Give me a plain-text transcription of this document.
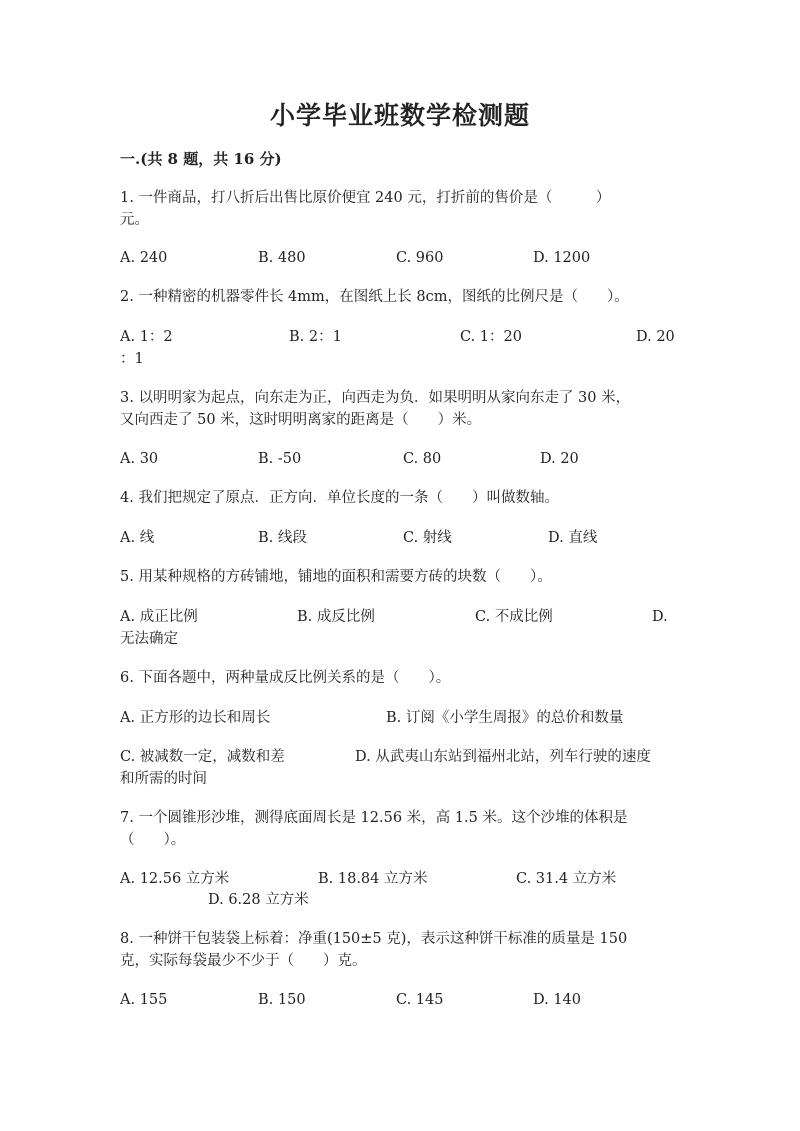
小学毕业班数学检测题
一.(共 8 题，共 16 分)
1. 一件商品，打八折后出售比原价便宜 240 元，打折前的售价是（　　　）
元。
A. 240	B. 480	C. 960	D. 1200
2. 一种精密的机器零件长 4mm，在图纸上长 8cm，图纸的比例尺是（　　）。
A. 1：2	B. 2：1	C. 1：20	D. 20
：1
3. 以明明家为起点，向东走为正，向西走为负．如果明明从家向东走了 30 米，
又向西走了 50 米，这时明明离家的距离是（　　）米。
A. 30	B. -50	C. 80	D. 20
4. 我们把规定了原点．正方向．单位长度的一条（　　）叫做数轴。
A. 线	B. 线段	C. 射线	D. 直线
5. 用某种规格的方砖铺地，铺地的面积和需要方砖的块数（　　）。
A. 成正比例	B. 成反比例	C. 不成比例	D.
无法确定
6. 下面各题中，两种量成反比例关系的是（　　）。
A. 正方形的边长和周长	B. 订阅《小学生周报》的总价和数量
C. 被减数一定，减数和差	D. 从武夷山东站到福州北站，列车行驶的速度
和所需的时间
7. 一个圆锥形沙堆，测得底面周长是 12.56 米，高 1.5 米。这个沙堆的体积是
（　　）。
A. 12.56 立方米	B. 18.84 立方米	C. 31.4 立方米
D. 6.28 立方米
8. 一种饼干包装袋上标着：净重(150±5 克)，表示这种饼干标准的质量是 150
克，实际每袋最少不少于（　　）克。
A. 155	B. 150	C. 145	D. 140
